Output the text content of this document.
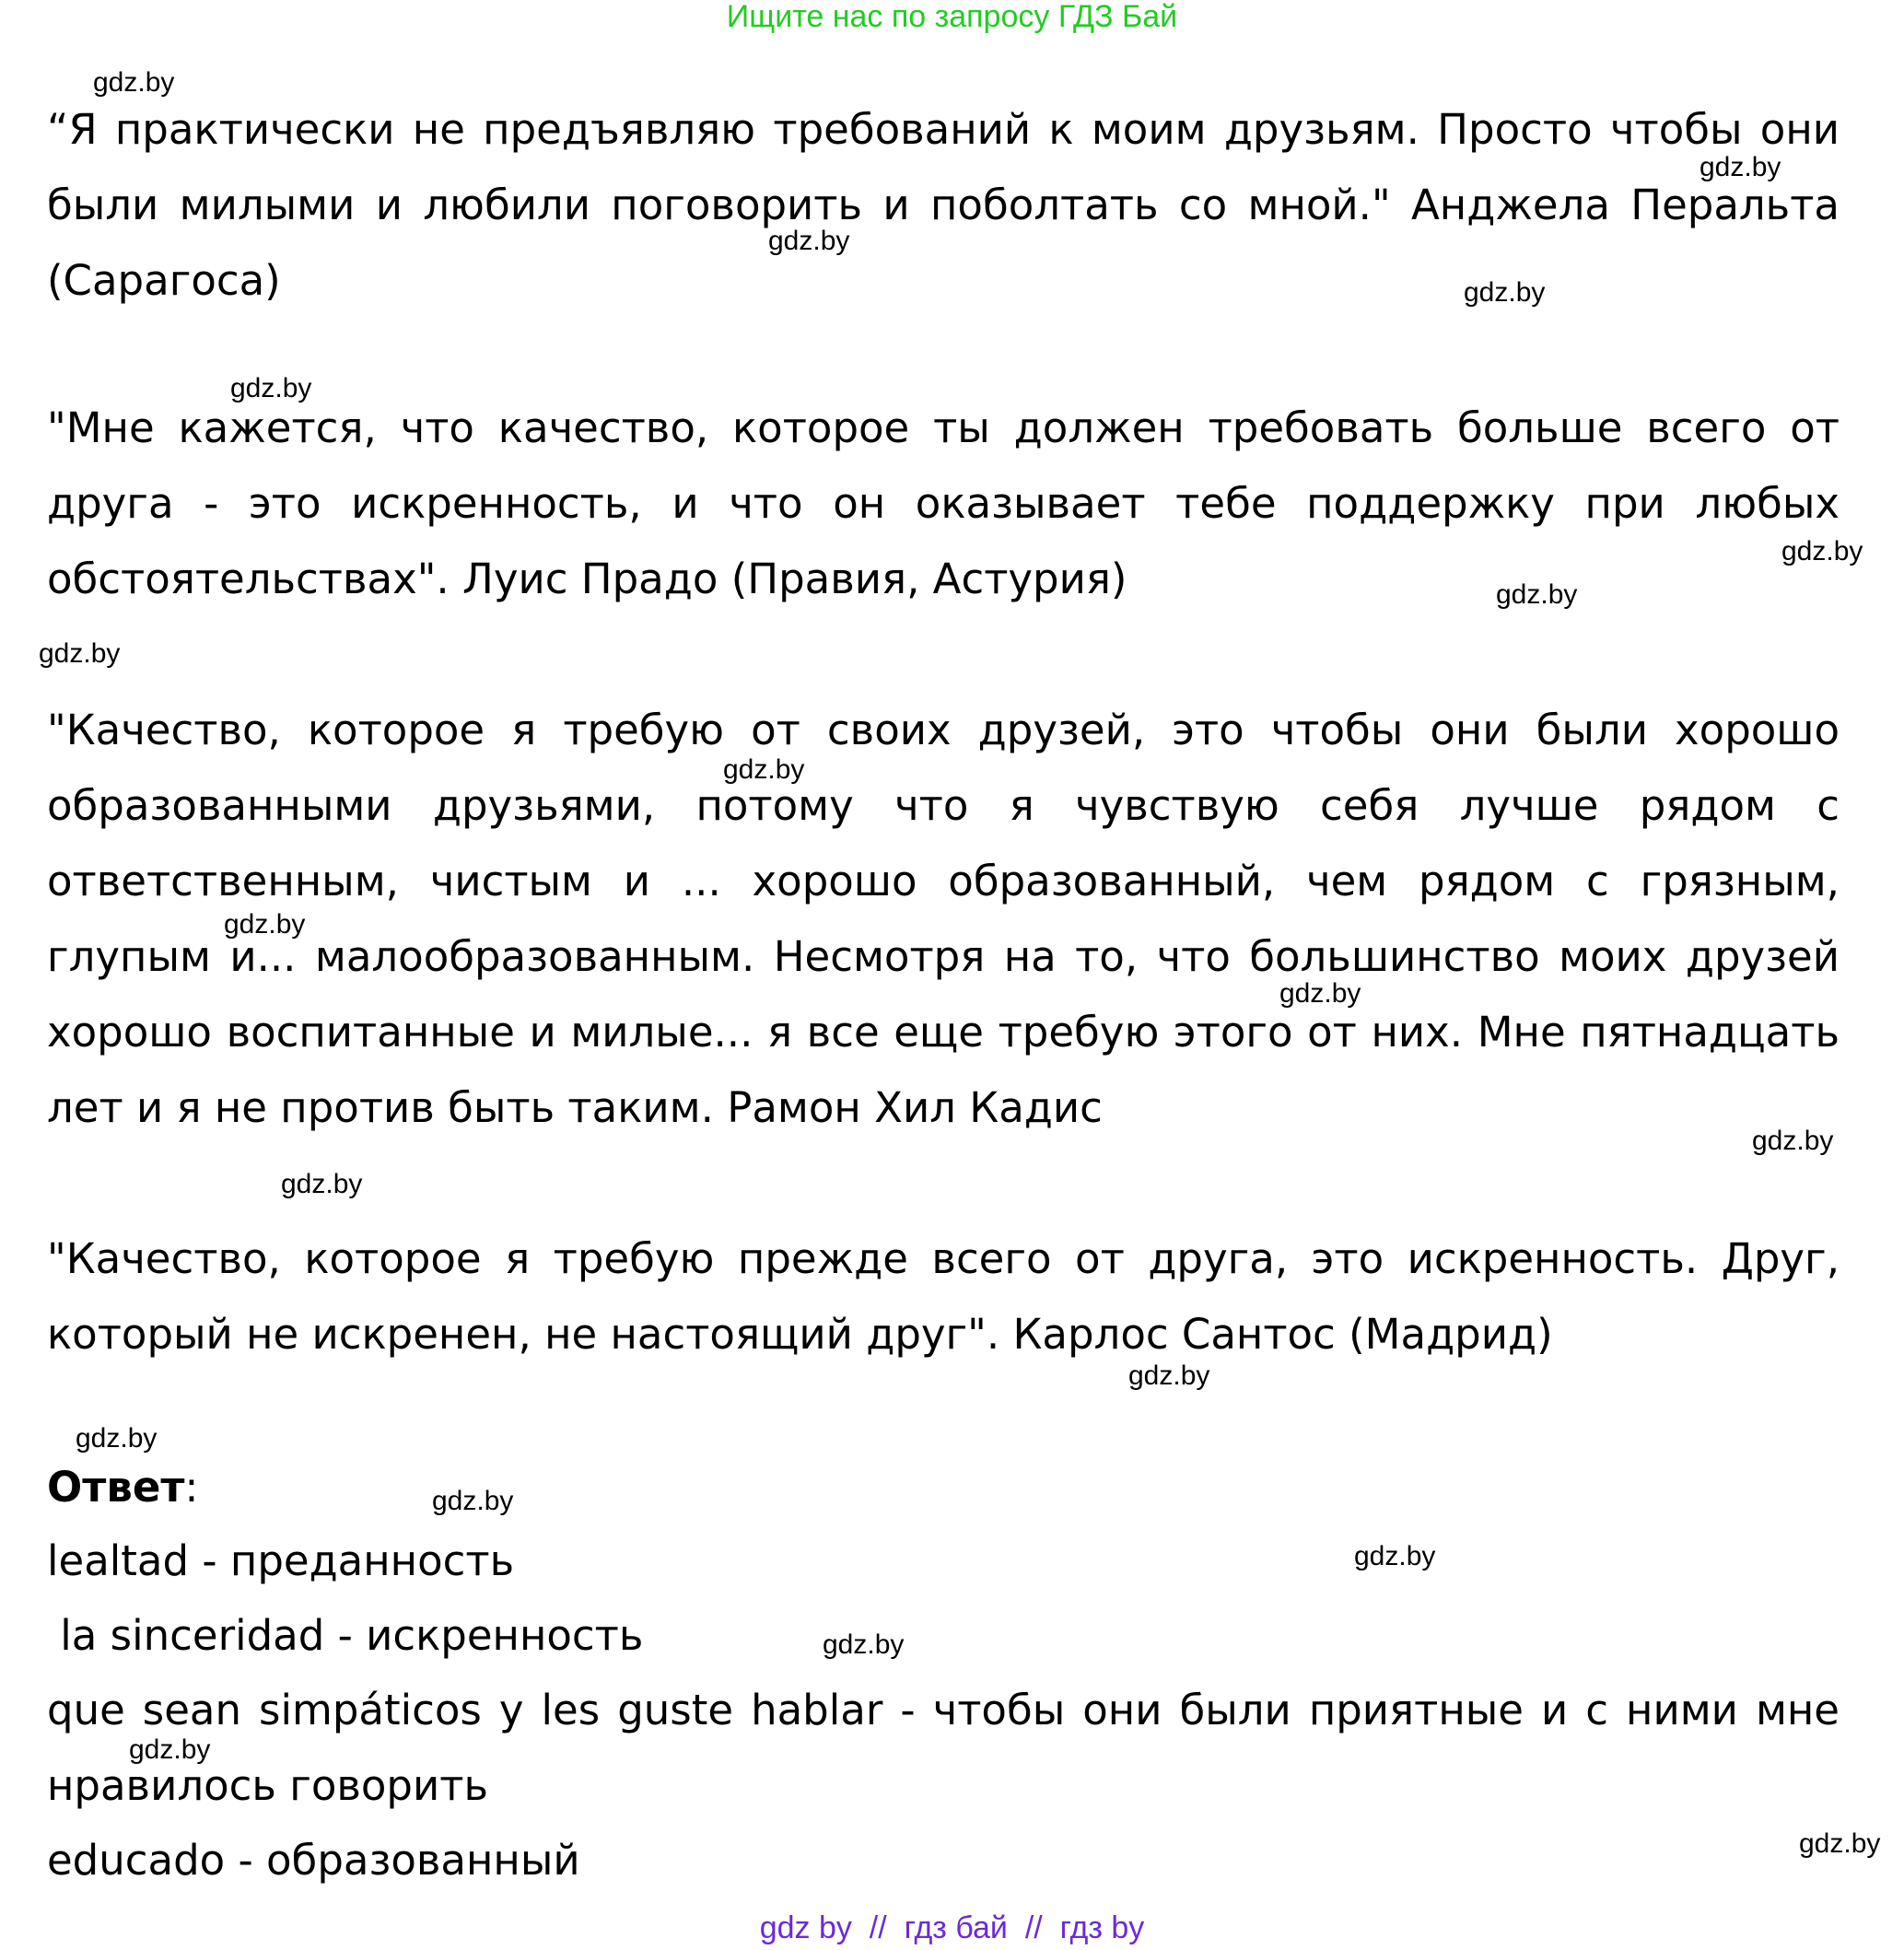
Ищите нас по запросу ГДЗ Бай

“Я практически не предъявляю требований к моим друзьям. Просто чтобы они были милыми и любили поговорить и поболтать со мной." Анджела Перальта (Сарагоса)

"Мне кажется, что качество, которое ты должен требовать больше всего от друга - это искренность, и что он оказывает тебе поддержку при любых обстоятельствах". Луис Прадо (Правия, Астурия)

"Качество, которое я требую от своих друзей, это чтобы они были хорошо образованными друзьями, потому что я чувствую себя лучше рядом с ответственным, чистым и ... хорошо образованный, чем рядом с грязным, глупым и... малообразованным. Несмотря на то, что большинство моих друзей хорошо воспитанные и милые... я все еще требую этого от них. Мне пятнадцать лет и я не против быть таким. Рамон Хил Кадис

"Качество, которое я требую прежде всего от друга, это искренность. Друг, который не искренен, не настоящий друг". Карлос Сантос (Мадрид)

Ответ:

lealtad - преданность

la sinceridad - искренность

que sean simpáticos y les guste hablar - чтобы они были приятные и с ними мне нравилось говорить

educado - образованный

gdz.by
gdz.by
gdz.by
gdz.by
gdz.by
gdz.by
gdz.by
gdz.by
gdz.by
gdz.by
gdz.by
gdz.by
gdz.by
gdz.by
gdz.by
gdz.by
gdz.by
gdz.by
gdz.by
gdz.by
gdz by  //  гдз бай  //  гдз by
